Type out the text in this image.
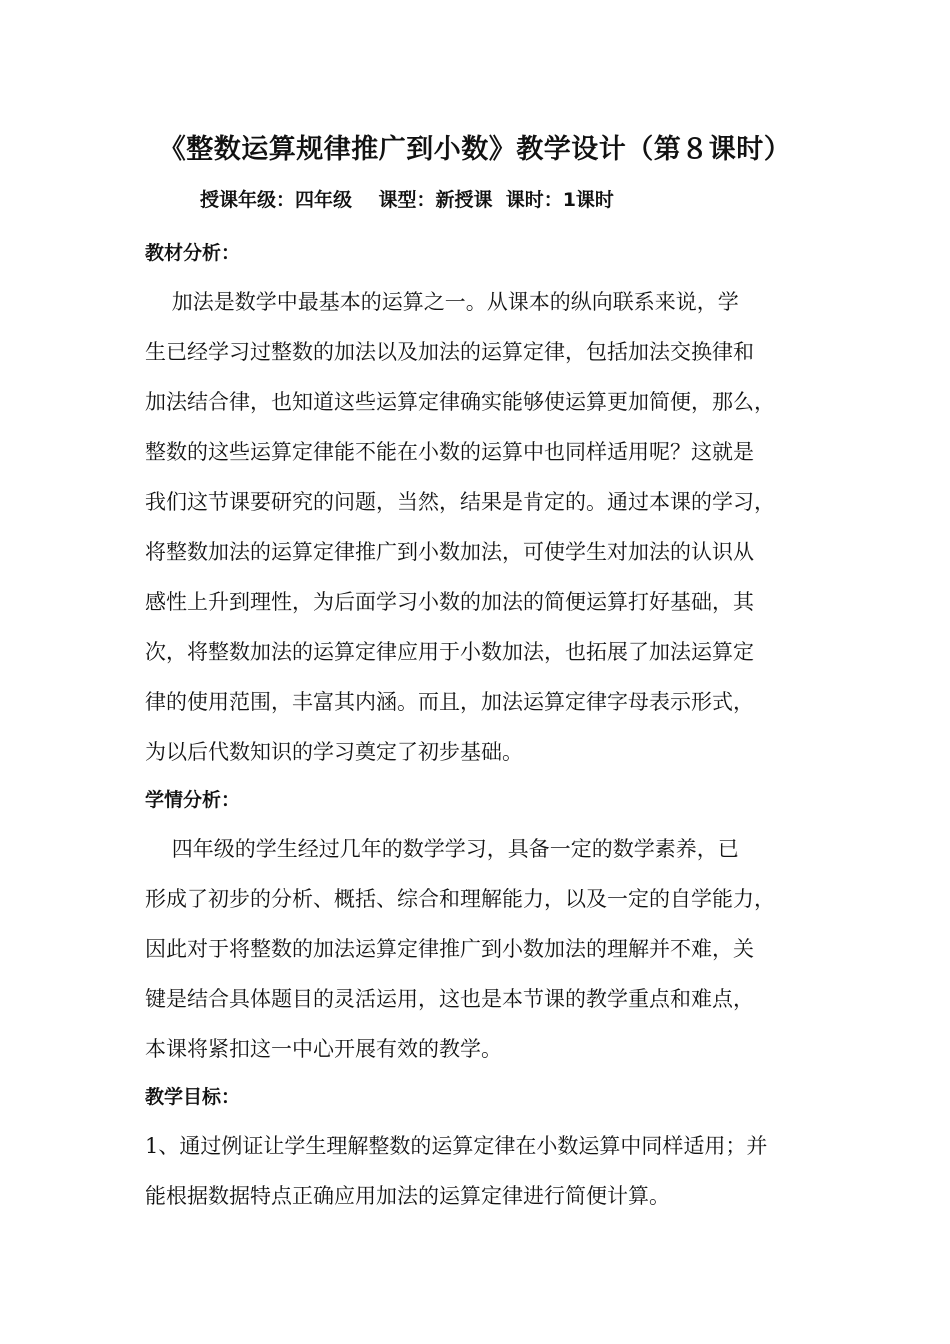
《整数运算规律推广到小数》教学设计（第８课时）

授课年级：四年级    课型：新授课  课时：1课时

教材分析：
加法是数学中最基本的运算之一。从课本的纵向联系来说，学
生已经学习过整数的加法以及加法的运算定律，包括加法交换律和
加法结合律，也知道这些运算定律确实能够使运算更加简便，那么，
整数的这些运算定律能不能在小数的运算中也同样适用呢？这就是
我们这节课要研究的问题，当然，结果是肯定的。通过本课的学习，
将整数加法的运算定律推广到小数加法，可使学生对加法的认识从
感性上升到理性，为后面学习小数的加法的简便运算打好基础，其
次，将整数加法的运算定律应用于小数加法，也拓展了加法运算定
律的使用范围，丰富其内涵。而且，加法运算定律字母表示形式，
为以后代数知识的学习奠定了初步基础。
学情分析：
四年级的学生经过几年的数学学习，具备一定的数学素养，已
形成了初步的分析、概括、综合和理解能力，以及一定的自学能力，
因此对于将整数的加法运算定律推广到小数加法的理解并不难，关
键是结合具体题目的灵活运用，这也是本节课的教学重点和难点，
本课将紧扣这一中心开展有效的教学。
教学目标：
1、通过例证让学生理解整数的运算定律在小数运算中同样适用；并
能根据数据特点正确应用加法的运算定律进行简便计算。
